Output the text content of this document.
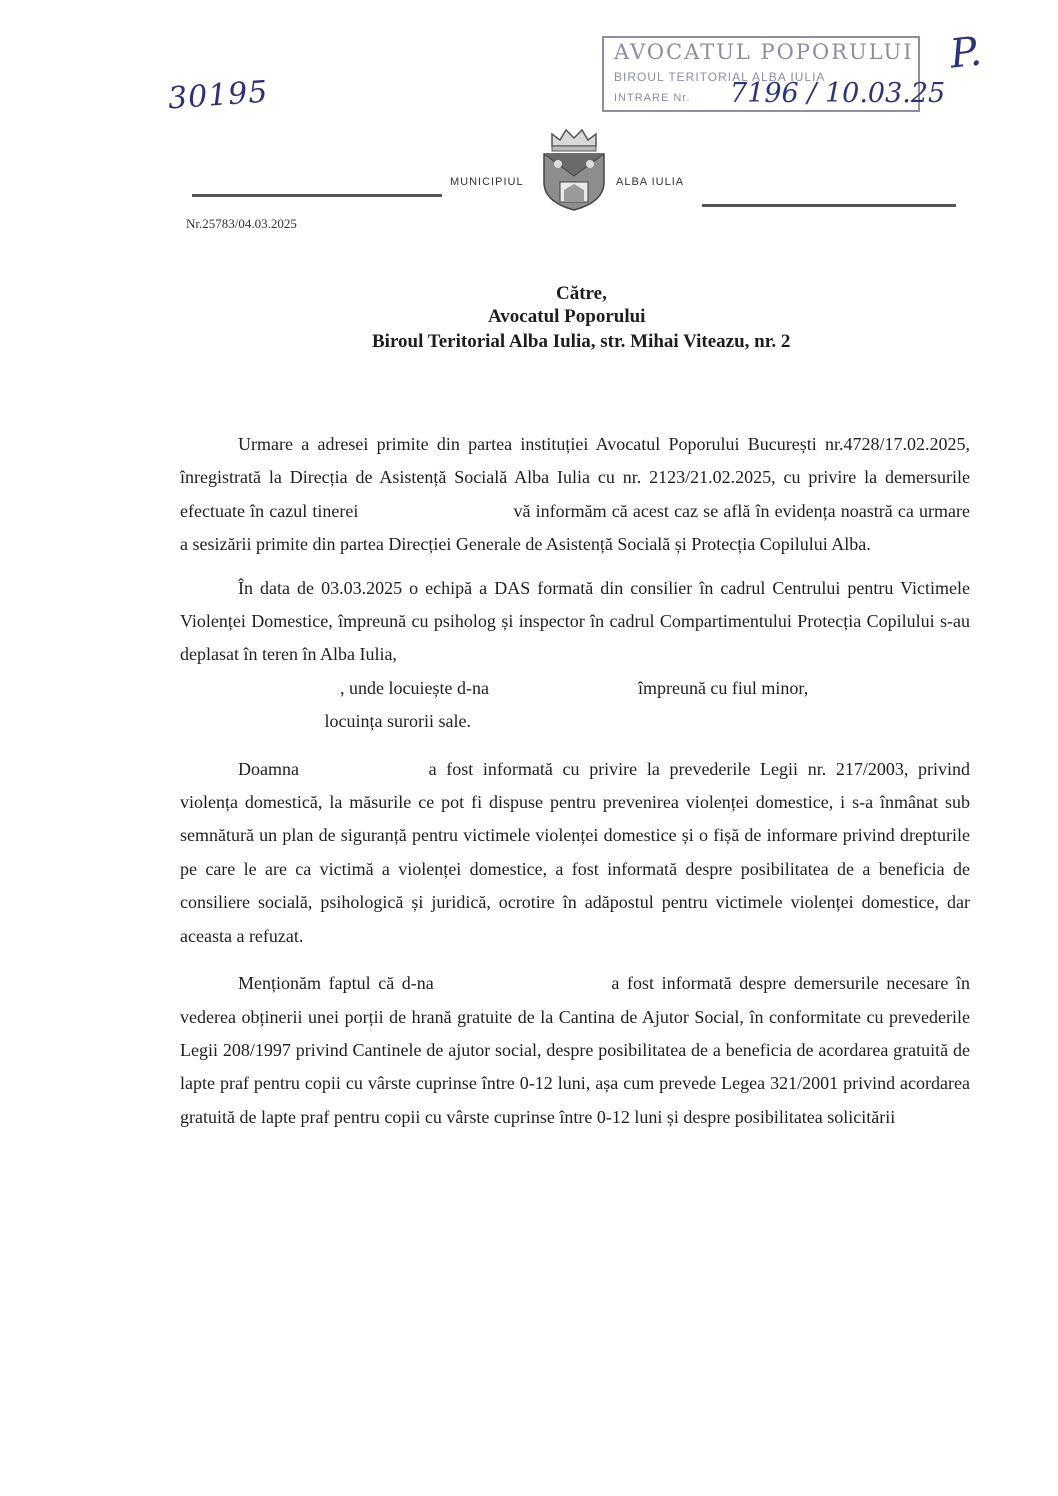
30195
AVOCATUL POPORULUI
BIROUL TERITORIAL ALBA IULIA
INTRARE Nr. 7196 / 10.03.25
P.
MUNICIPIUL	ALBA IULIA
Nr.25783/04.03.2025
Către,
Avocatul Poporului
Biroul Teritorial Alba Iulia, str. Mihai Viteazu, nr. 2

Urmare a adresei primite din partea instituției Avocatul Poporului București nr.4728/17.02.2025, înregistrată la Direcția de Asistență Socială Alba Iulia cu nr. 2123/21.02.2025, cu privire la demersurile efectuate în cazul tinerei	vă informăm că acest caz se află în evidența noastră ca urmare a sesizării primite din partea Direcției Generale de Asistență Socială și Protecția Copilului Alba.

În data de 03.03.2025 o echipă a DAS formată din consilier în cadrul Centrului pentru Victimele Violenței Domestice, împreună cu psiholog și inspector în cadrul Compartimentului Protecția Copilului s-au deplasat în teren în Alba Iulia,
, unde locuiește d-na	împreună cu fiul minor,
locuința surorii sale.

Doamna	a fost informată cu privire la prevederile Legii nr. 217/2003, privind violența domestică, la măsurile ce pot fi dispuse pentru prevenirea violenței domestice, i s-a înmânat sub semnătură un plan de siguranță pentru victimele violenței domestice și o fișă de informare privind drepturile pe care le are ca victimă a violenței domestice, a fost informată despre posibilitatea de a beneficia de consiliere socială, psihologică și juridică, ocrotire în adăpostul pentru victimele violenței domestice, dar aceasta a refuzat.

Menționăm faptul că d-na	a fost informată despre demersurile necesare în vederea obținerii unei porții de hrană gratuite de la Cantina de Ajutor Social, în conformitate cu prevederile Legii 208/1997 privind Cantinele de ajutor social, despre posibilitatea de a beneficia de acordarea gratuită de lapte praf pentru copii cu vârste cuprinse între 0-12 luni, așa cum prevede Legea 321/2001 privind acordarea gratuită de lapte praf pentru copii cu vârste cuprinse între 0-12 luni și despre posibilitatea solicitării
